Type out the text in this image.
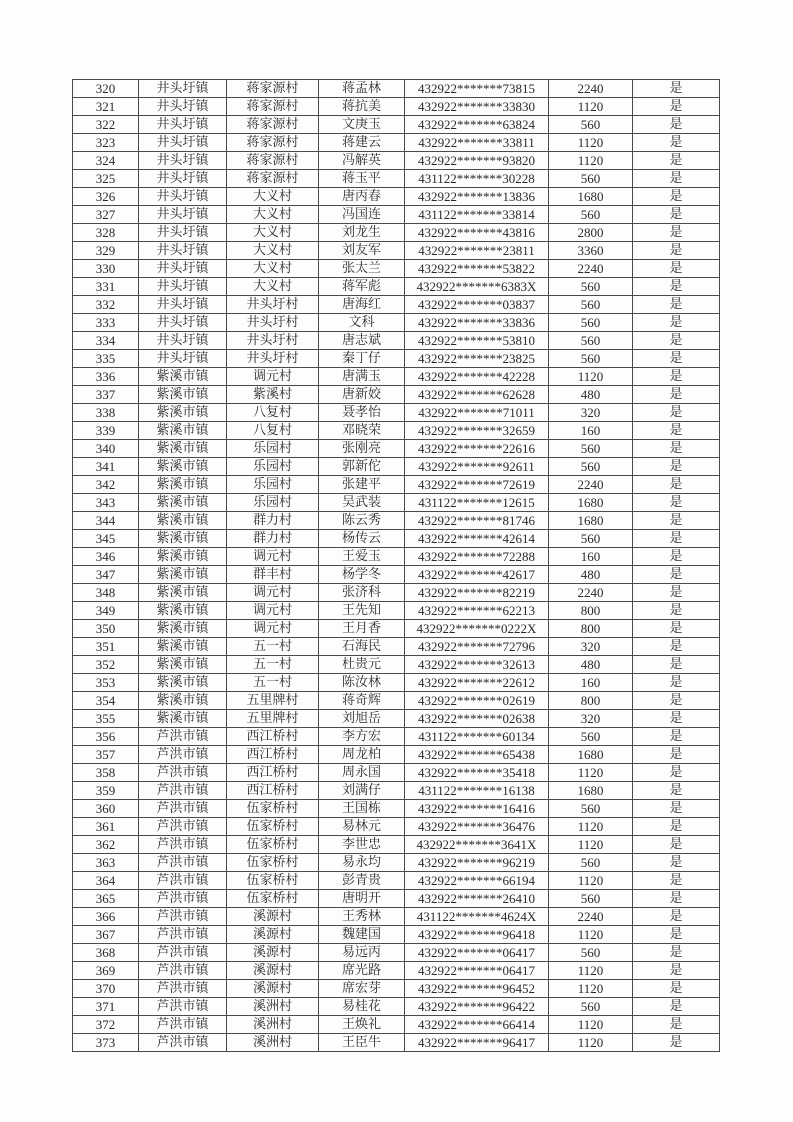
320	井头圩镇	蒋家源村	蒋孟林	432922*******73815	2240	是
321	井头圩镇	蒋家源村	蒋抗美	432922*******33830	1120	是
322	井头圩镇	蒋家源村	文庚玉	432922*******63824	560	是
323	井头圩镇	蒋家源村	蒋建云	432922*******33811	1120	是
324	井头圩镇	蒋家源村	冯解英	432922*******93820	1120	是
325	井头圩镇	蒋家源村	蒋玉平	431122*******30228	560	是
326	井头圩镇	大义村	唐丙春	432922*******13836	1680	是
327	井头圩镇	大义村	冯国连	431122*******33814	560	是
328	井头圩镇	大义村	刘龙生	432922*******43816	2800	是
329	井头圩镇	大义村	刘友军	432922*******23811	3360	是
330	井头圩镇	大义村	张太兰	432922*******53822	2240	是
331	井头圩镇	大义村	蒋军彪	432922*******6383X	560	是
332	井头圩镇	井头圩村	唐海红	432922*******03837	560	是
333	井头圩镇	井头圩村	文科	432922*******33836	560	是
334	井头圩镇	井头圩村	唐志斌	432922*******53810	560	是
335	井头圩镇	井头圩村	秦丁仔	432922*******23825	560	是
336	紫溪市镇	调元村	唐满玉	432922*******42228	1120	是
337	紫溪市镇	紫溪村	唐新姣	432922*******62628	480	是
338	紫溪市镇	八复村	聂孝怡	432922*******71011	320	是
339	紫溪市镇	八复村	邓晓荣	432922*******32659	160	是
340	紫溪市镇	乐园村	张刚亮	432922*******22616	560	是
341	紫溪市镇	乐园村	郭新佗	432922*******92611	560	是
342	紫溪市镇	乐园村	张建平	432922*******72619	2240	是
343	紫溪市镇	乐园村	吴武装	431122*******12615	1680	是
344	紫溪市镇	群力村	陈云秀	432922*******81746	1680	是
345	紫溪市镇	群力村	杨传云	432922*******42614	560	是
346	紫溪市镇	调元村	王爱玉	432922*******72288	160	是
347	紫溪市镇	群丰村	杨学冬	432922*******42617	480	是
348	紫溪市镇	调元村	张济科	432922*******82219	2240	是
349	紫溪市镇	调元村	王先知	432922*******62213	800	是
350	紫溪市镇	调元村	王月香	432922*******0222X	800	是
351	紫溪市镇	五一村	石海民	432922*******72796	320	是
352	紫溪市镇	五一村	杜贵元	432922*******32613	480	是
353	紫溪市镇	五一村	陈汝林	432922*******22612	160	是
354	紫溪市镇	五里牌村	蒋奇辉	432922*******02619	800	是
355	紫溪市镇	五里牌村	刘旭岳	432922*******02638	320	是
356	芦洪市镇	西江桥村	李方宏	431122*******60134	560	是
357	芦洪市镇	西江桥村	周龙柏	432922*******65438	1680	是
358	芦洪市镇	西江桥村	周永国	432922*******35418	1120	是
359	芦洪市镇	西江桥村	刘满仔	431122*******16138	1680	是
360	芦洪市镇	伍家桥村	王国栋	432922*******16416	560	是
361	芦洪市镇	伍家桥村	易林元	432922*******36476	1120	是
362	芦洪市镇	伍家桥村	李世忠	432922*******3641X	1120	是
363	芦洪市镇	伍家桥村	易永均	432922*******96219	560	是
364	芦洪市镇	伍家桥村	彭青贵	432922*******66194	1120	是
365	芦洪市镇	伍家桥村	唐明开	432922*******26410	560	是
366	芦洪市镇	溪源村	王秀林	431122*******4624X	2240	是
367	芦洪市镇	溪源村	魏建国	432922*******96418	1120	是
368	芦洪市镇	溪源村	易远丙	432922*******06417	560	是
369	芦洪市镇	溪源村	席光路	432922*******06417	1120	是
370	芦洪市镇	溪源村	席宏芽	432922*******96452	1120	是
371	芦洪市镇	溪洲村	易桂花	432922*******96422	560	是
372	芦洪市镇	溪洲村	王焕礼	432922*******66414	1120	是
373	芦洪市镇	溪洲村	王臣牛	432922*******96417	1120	是
